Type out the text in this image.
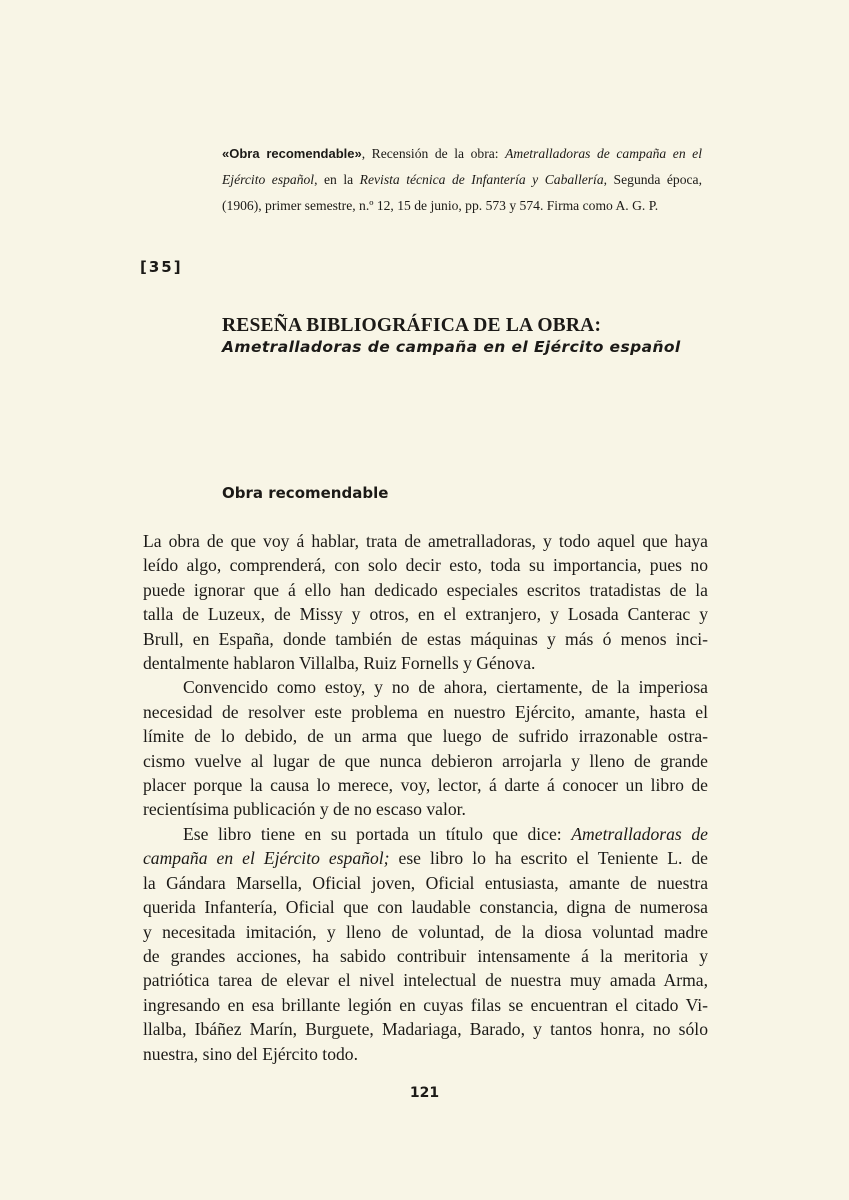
«Obra recomendable», Recensión de la obra: Ametralladoras de campaña en el Ejército español, en la Revista técnica de Infantería y Caballería, Segunda época, (1906), primer semestre, n.º 12, 15 de junio, pp. 573 y 574. Firma como A. G. P.
[35]
RESEÑA BIBLIOGRÁFICA DE LA OBRA:
Ametralladoras de campaña en el Ejército español
Obra recomendable

La obra de que voy á hablar, trata de ametralladoras, y todo aquel que haya
leído algo, comprenderá, con solo decir esto, toda su importancia, pues no
puede ignorar que á ello han dedicado especiales escritos tratadistas de la
talla de Luzeux, de Missy y otros, en el extranjero, y Losada Canterac y
Brull, en España, donde también de estas máquinas y más ó menos inci-
dentalmente hablaron Villalba, Ruiz Fornells y Génova.

Convencido como estoy, y no de ahora, ciertamente, de la imperiosa
necesidad de resolver este problema en nuestro Ejército, amante, hasta el
límite de lo debido, de un arma que luego de sufrido irrazonable ostra-
cismo vuelve al lugar de que nunca debieron arrojarla y lleno de grande
placer porque la causa lo merece, voy, lector, á darte á conocer un libro de
recientísima publicación y de no escaso valor.

Ese libro tiene en su portada un título que dice: Ametralladoras de
campaña en el Ejército español; ese libro lo ha escrito el Teniente L. de
la Gándara Marsella, Oficial joven, Oficial entusiasta, amante de nuestra
querida Infantería, Oficial que con laudable constancia, digna de numerosa
y necesitada imitación, y lleno de voluntad, de la diosa voluntad madre
de grandes acciones, ha sabido contribuir intensamente á la meritoria y
patriótica tarea de elevar el nivel intelectual de nuestra muy amada Arma,
ingresando en esa brillante legión en cuyas filas se encuentran el citado Vi-
llalba, Ibáñez Marín, Burguete, Madariaga, Barado, y tantos honra, no sólo
nuestra, sino del Ejército todo.

121
